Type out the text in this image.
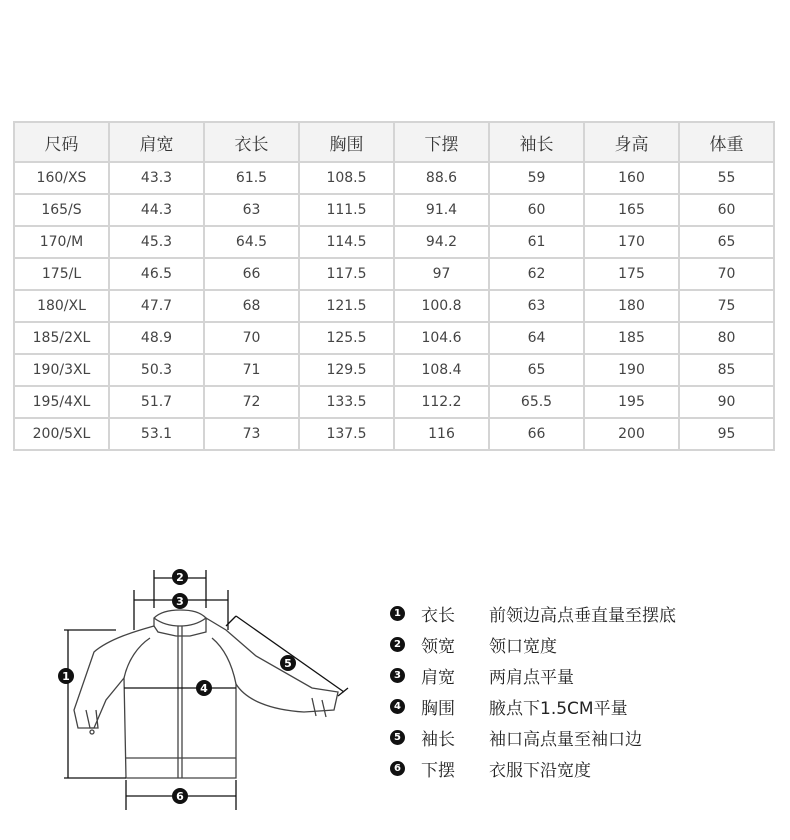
尺码	肩宽	衣长	胸围	下摆	袖长	身高	体重
160/XS	43.3	61.5	108.5	88.6	59	160	55
165/S	44.3	63	111.5	91.4	60	165	60
170/M	45.3	64.5	114.5	94.2	61	170	65
175/L	46.5	66	117.5	97	62	175	70
180/XL	47.7	68	121.5	100.8	63	180	75
185/2XL	48.9	70	125.5	104.6	64	185	80
190/3XL	50.3	71	129.5	108.4	65	190	85
195/4XL	51.7	72	133.5	112.2	65.5	195	90
200/5XL	53.1	73	137.5	116	66	200	95
1
2
3
4
5
6
1 衣长	前领边高点垂直量至摆底
2 领宽	领口宽度
3 肩宽	两肩点平量
4 胸围	腋点下1.5CM平量
5 袖长	袖口高点量至袖口边
6 下摆	衣服下沿宽度
